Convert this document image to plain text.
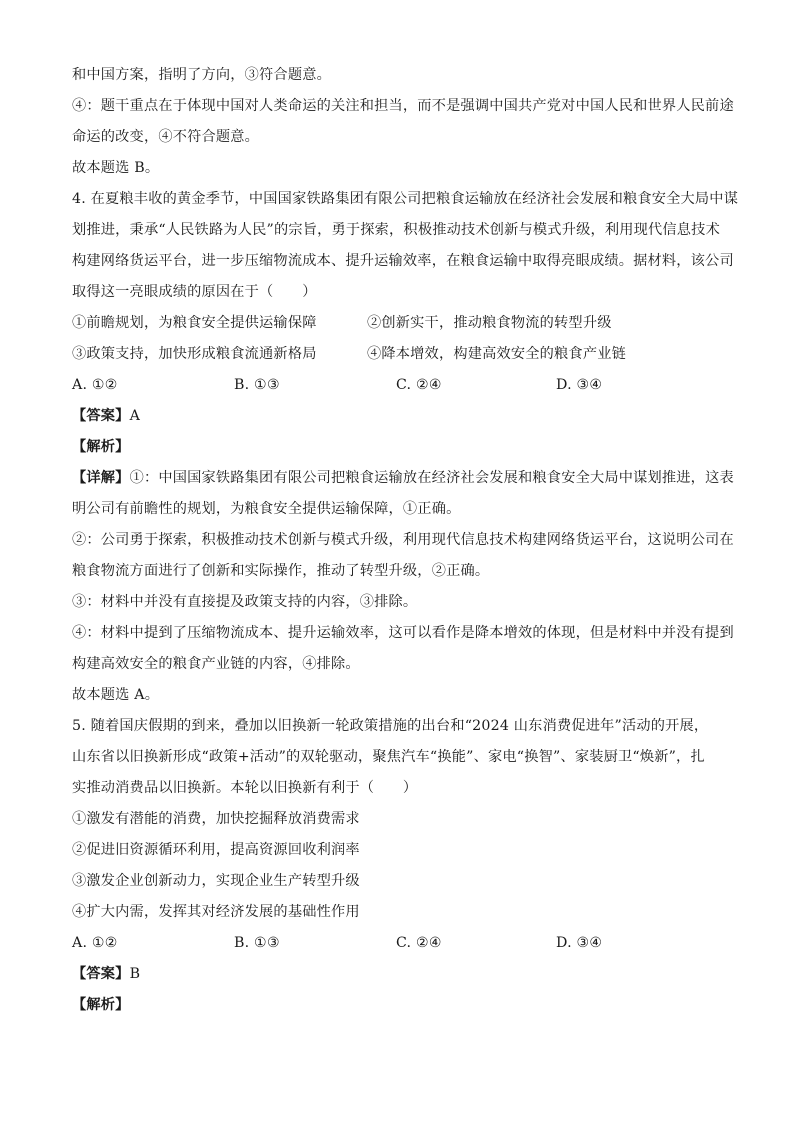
和中国方案，指明了方向，③符合题意。
④：题干重点在于体现中国对人类命运的关注和担当，而不是强调中国共产党对中国人民和世界人民前途
命运的改变，④不符合题意。
故本题选 B。
4. 在夏粮丰收的黄金季节，中国国家铁路集团有限公司把粮食运输放在经济社会发展和粮食安全大局中谋
划推进，秉承“人民铁路为人民”的宗旨，勇于探索，积极推动技术创新与模式升级，利用现代信息技术
构建网络货运平台，进一步压缩物流成本、提升运输效率，在粮食运输中取得亮眼成绩。据材料，该公司
取得这一亮眼成绩的原因在于（　　）
①前瞻规划，为粮食安全提供运输保障	②创新实干，推动粮食物流的转型升级
③政策支持，加快形成粮食流通新格局	④降本增效，构建高效安全的粮食产业链
A. ①②	B. ①③	C. ②④	D. ③④
【答案】A
【解析】
【详解】①：中国国家铁路集团有限公司把粮食运输放在经济社会发展和粮食安全大局中谋划推进，这表
明公司有前瞻性的规划，为粮食安全提供运输保障，①正确。
②：公司勇于探索，积极推动技术创新与模式升级，利用现代信息技术构建网络货运平台，这说明公司在
粮食物流方面进行了创新和实际操作，推动了转型升级，②正确。
③：材料中并没有直接提及政策支持的内容，③排除。
④：材料中提到了压缩物流成本、提升运输效率，这可以看作是降本增效的体现，但是材料中并没有提到
构建高效安全的粮食产业链的内容，④排除。
故本题选 A。
5. 随着国庆假期的到来，叠加以旧换新一轮政策措施的出台和“2024 山东消费促进年”活动的开展，
山东省以旧换新形成“政策+活动”的双轮驱动，聚焦汽车“换能”、家电“换智”、家装厨卫“焕新”，扎
实推动消费品以旧换新。本轮以旧换新有利于（　　）
①激发有潜能的消费，加快挖掘释放消费需求
②促进旧资源循环利用，提高资源回收利润率
③激发企业创新动力，实现企业生产转型升级
④扩大内需，发挥其对经济发展的基础性作用
A. ①②	B. ①③	C. ②④	D. ③④
【答案】B
【解析】
